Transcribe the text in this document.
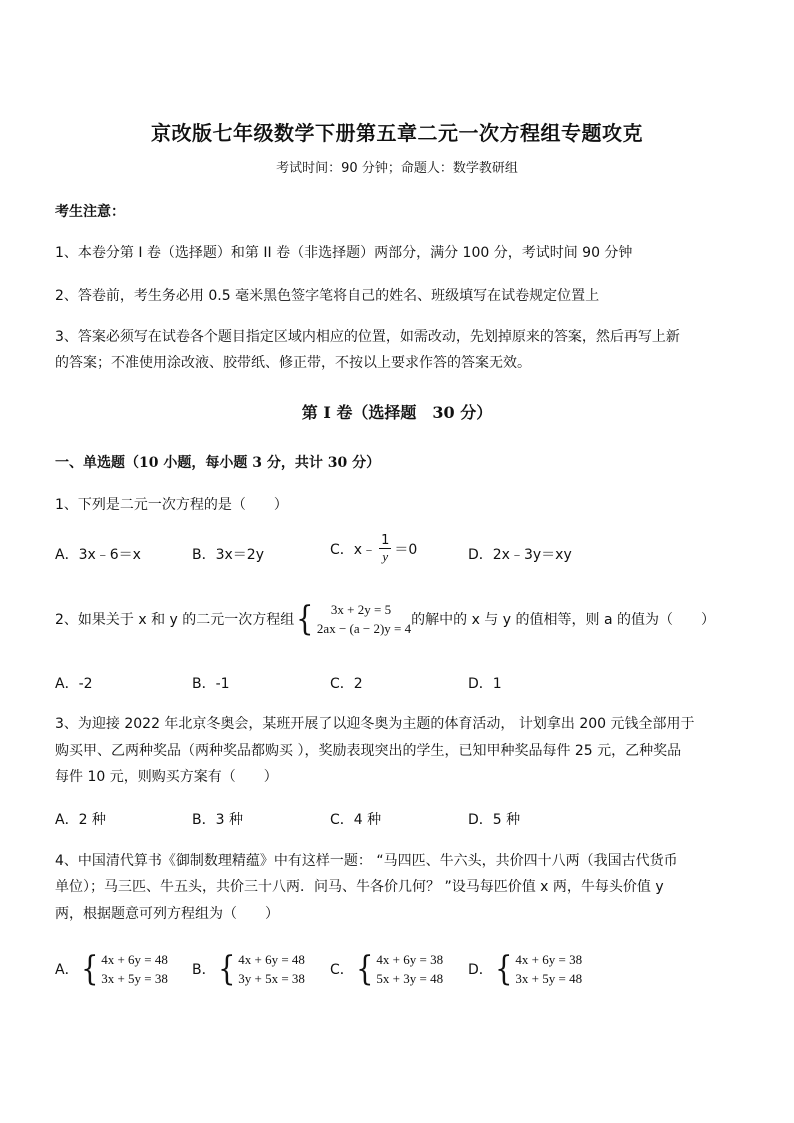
京改版七年级数学下册第五章二元一次方程组专题攻克
考试时间：90 分钟；命题人：数学教研组
考生注意：
1、本卷分第 I 卷（选择题）和第 II 卷（非选择题）两部分，满分 100 分，考试时间 90 分钟
2、答卷前，考生务必用 0.5 毫米黑色签字笔将自己的姓名、班级填写在试卷规定位置上
3、答案必须写在试卷各个题目指定区域内相应的位置，如需改动，先划掉原来的答案，然后再写上新
的答案；不准使用涂改液、胶带纸、修正带，不按以上要求作答的答案无效。
第 I 卷（选择题　30 分）
一、单选题（10 小题，每小题 3 分，共计 30 分）
1、下列是二元一次方程的是（　　）
A．3x﹣6＝x	B．3x＝2y	C．x﹣ $\frac{1}{y} =0$	D．2x﹣3y＝xy
2、如果关于 x 和 y 的二元一次方程组 {	3x + 2y = 5
2ax − (a − 2)y = 4
的解中的 x 与 y 的值相等，则 a 的值为（　　）
A．-2	B．-1	C．2	D．1
3、为迎接 2022 年北京冬奥会，某班开展了以迎冬奥为主题的体育活动， 计划拿出 200 元钱全部用于
购买甲、乙两种奖品（两种奖品都购买 ），奖励表现突出的学生，已知甲种奖品每件 25 元，乙种奖品
每件 10 元，则购买方案有（　　）
A．2 种	B．3 种	C．4 种	D．5 种
4、中国清代算书《御制数理精蕴》中有这样一题： “马四匹、牛六头，共价四十八两（我国古代货币
单位）；马三匹、牛五头，共价三十八两．问马、牛各价几何？ ”设马每匹价值 x 两，牛每头价值 y
两，根据题意可列方程组为（　　）
A． { 4x + 6y = 48
3x + 5y = 38
B． { 4x + 6y = 48
3y + 5x = 38
C． { 4x + 6y = 38
5x + 3y = 48
D． { 4x + 6y = 38
3x + 5y = 48
